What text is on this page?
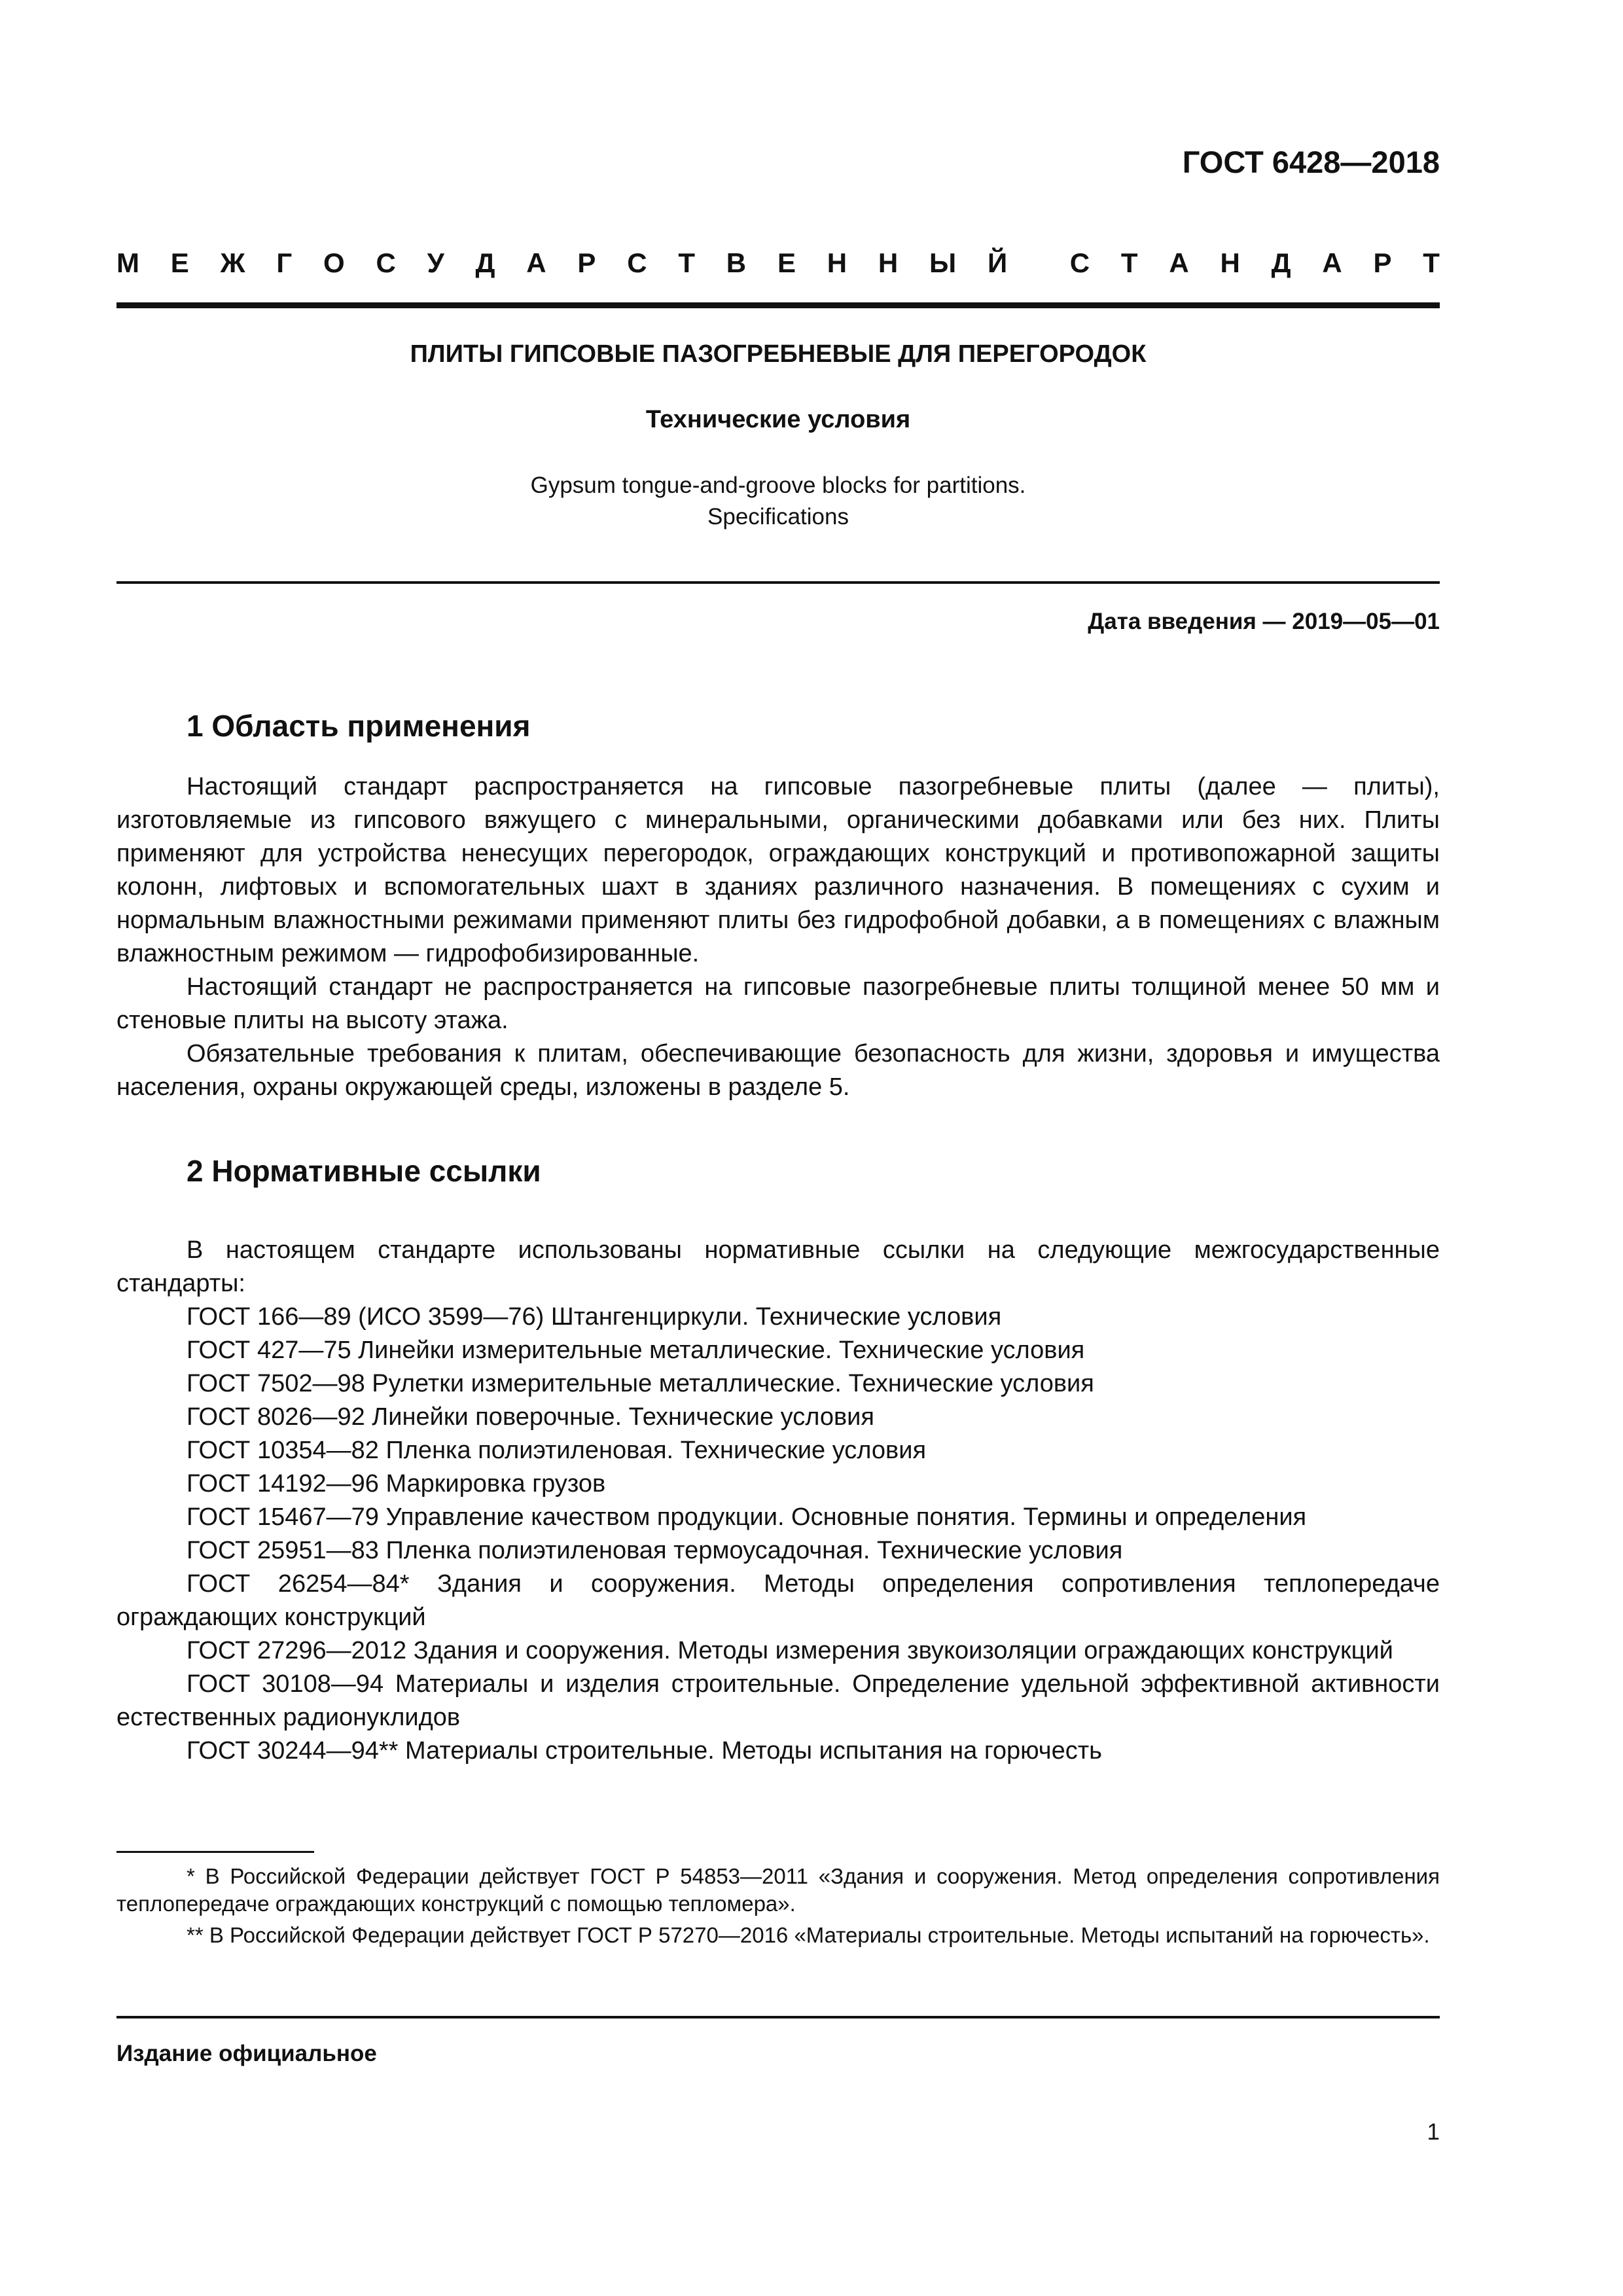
ГОСТ 6428—2018
М Е Ж Г О С У Д А Р С Т В Е Н Н Ы Й С Т А Н Д А Р Т
ПЛИТЫ ГИПСОВЫЕ ПАЗОГРЕБНЕВЫЕ ДЛЯ ПЕРЕГОРОДОК
Технические условия
Gypsum tongue-and-groove blocks for partitions.
Specifications
Дата введения — 2019—05—01
1 Область применения

Настоящий стандарт распространяется на гипсовые пазогребневые плиты (далее — плиты), изготовляемые из гипсового вяжущего с минеральными, органическими добавками или без них. Плиты применяют для устройства ненесущих перегородок, ограждающих конструкций и противопожарной защиты колонн, лифтовых и вспомогательных шахт в зданиях различного назначения. В помещениях с сухим и нормальным влажностными режимами применяют плиты без гидрофобной добавки, а в помещениях с влажным влажностным режимом — гидрофобизированные.

Настоящий стандарт не распространяется на гипсовые пазогребневые плиты толщиной менее 50 мм и стеновые плиты на высоту этажа.

Обязательные требования к плитам, обеспечивающие безопасность для жизни, здоровья и имущества населения, охраны окружающей среды, изложены в разделе 5.

2 Нормативные ссылки

В настоящем стандарте использованы нормативные ссылки на следующие межгосударственные стандарты:

ГОСТ 166—89 (ИСО 3599—76) Штангенциркули. Технические условия

ГОСТ 427—75 Линейки измерительные металлические. Технические условия

ГОСТ 7502—98 Рулетки измерительные металлические. Технические условия

ГОСТ 8026—92 Линейки поверочные. Технические условия

ГОСТ 10354—82 Пленка полиэтиленовая. Технические условия

ГОСТ 14192—96 Маркировка грузов

ГОСТ 15467—79 Управление качеством продукции. Основные понятия. Термины и определения

ГОСТ 25951—83 Пленка полиэтиленовая термоусадочная. Технические условия

ГОСТ 26254—84* Здания и сооружения. Методы определения сопротивления теплопередаче ограждающих конструкций

ГОСТ 27296—2012 Здания и сооружения. Методы измерения звукоизоляции ограждающих конструкций

ГОСТ 30108—94 Материалы и изделия строительные. Определение удельной эффективной активности естественных радионуклидов

ГОСТ 30244—94** Материалы строительные. Методы испытания на горючесть

* В Российской Федерации действует ГОСТ Р 54853—2011 «Здания и сооружения. Метод определения сопротивления теплопередаче ограждающих конструкций с помощью тепломера».

** В Российской Федерации действует ГОСТ Р 57270—2016 «Материалы строительные. Методы испытаний на горючесть».

Издание официальное
1
